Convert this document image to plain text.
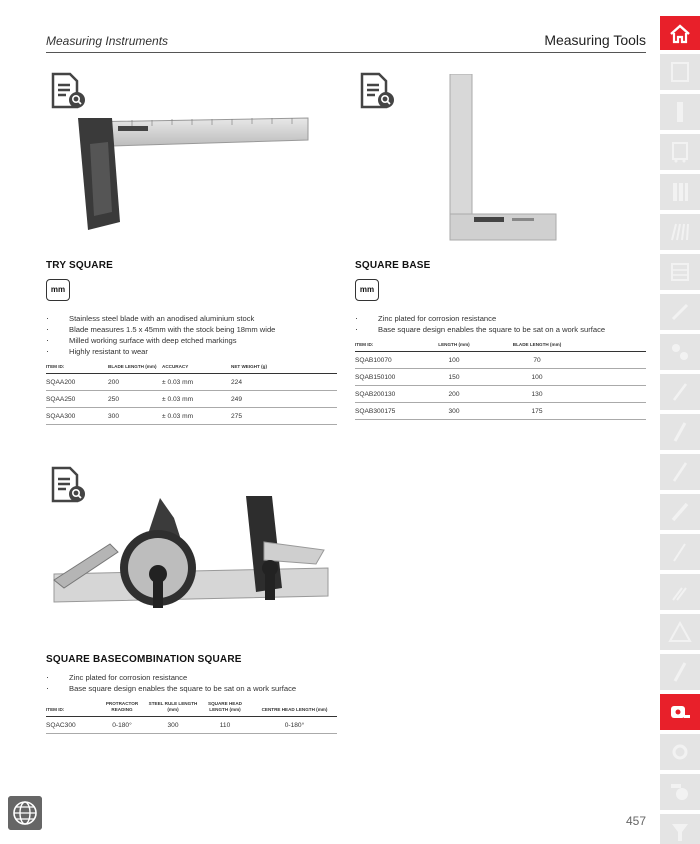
Measuring Instruments	Measuring Tools
TRY SQUARE
mm
· Stainless steel blade with an anodised aluminium stock
· Blade measures 1.5 x 45mm with the stock being 18mm wide
· Milled working surface with deep etched markings
· Highly resistant to wear
ITEM ID:	BLADE LENGTH (mm)	ACCURACY	NET WEIGHT (g)
SQAA200	200	± 0.03 mm	224
SQAA250	250	± 0.03 mm	249
SQAA300	300	± 0.03 mm	275
SQUARE BASE
mm
· Zinc plated for corrosion resistance
· Base square design enables the square to be sat on a work surface
ITEM ID:	LENGTH (mm)	BLADE LENGTH (mm)	
SQAB10070	100	70	
SQAB150100	150	100	
SQAB200130	200	130	
SQAB300175	300	175	
SQUARE BASECOMBINATION SQUARE
· Zinc plated for corrosion resistance
· Base square design enables the square to be sat on a work surface
ITEM ID:	PROTRACTOR READING	STEEL RULE LENGTH (mm)	SQUARE HEAD LENGTH (mm)	CENTRE HEAD LENGTH (mm)
SQAC300	0-180°	300	110	0-180°
457
